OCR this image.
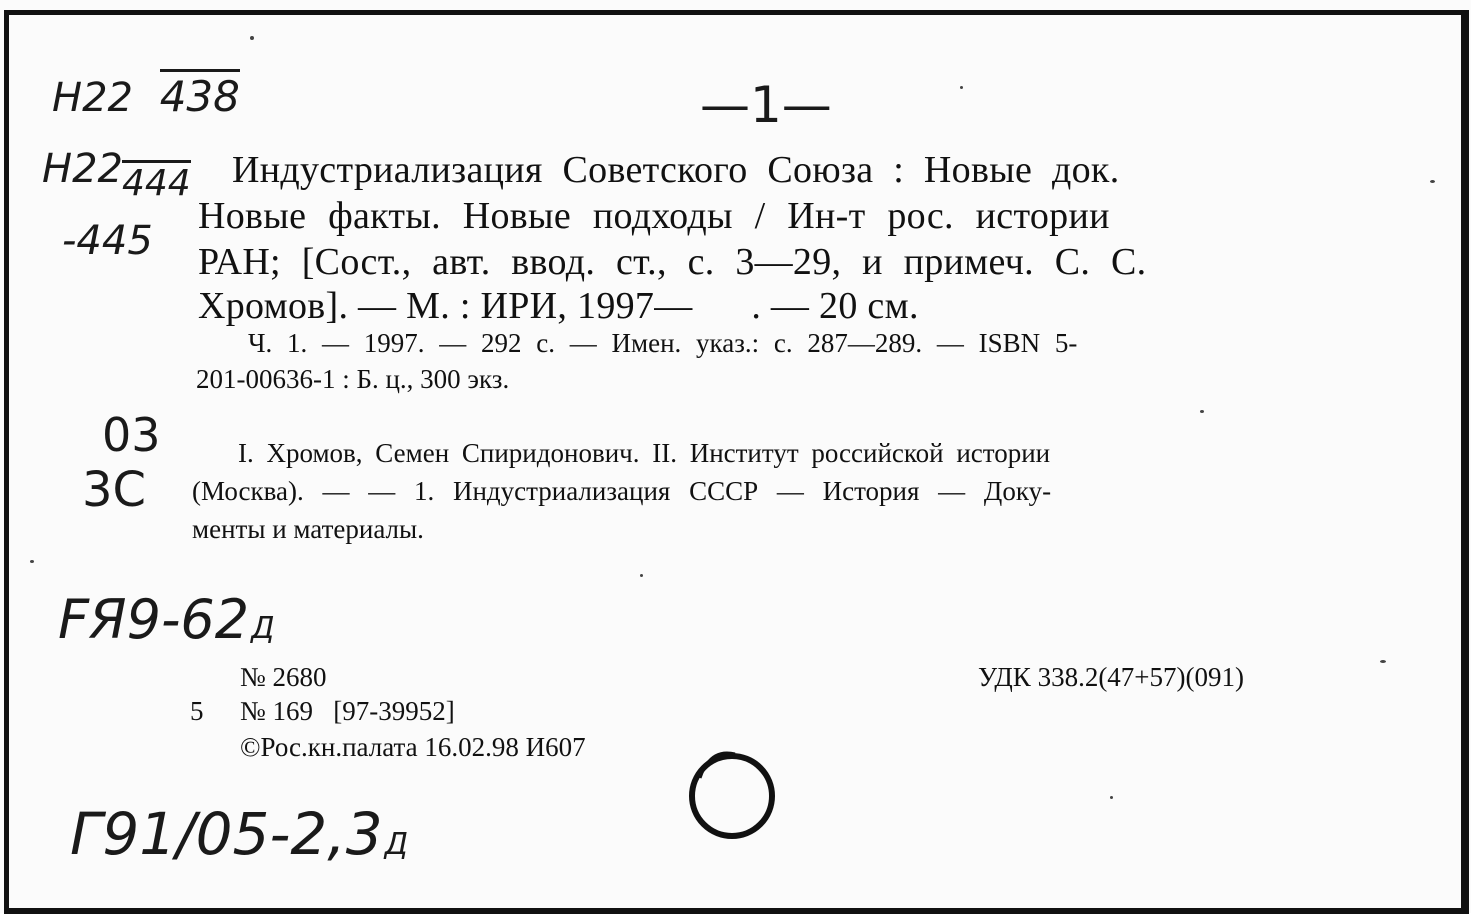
Н22 438
Н22 444
-445
—1—
Индустриализация Советского Союза : Новые док.
Новые факты. Новые подходы / Ин-т рос. истории
РАН; [Сост., авт. ввод. ст., с. 3—29, и примеч. С. С.
Хромов]. — М. : ИРИ, 1997—      . — 20 см.
Ч. 1. — 1997. — 292 с. — Имен. указ.: с. 287—289. — ISBN 5-
201-00636-1 : Б. ц., 300 экз.
03
3С
I. Хромов, Семен Спиридонович. II. Институт российской истории
(Москва). — — 1. Индустриализация СССР — История — Доку-
менты и материалы.
FЯ9-62Д
№ 2680
5 № 169   [97-39952]
©Рос.кн.палата 16.02.98 И607
УДК 338.2(47+57)(091)
Г91/05-2,3Д
